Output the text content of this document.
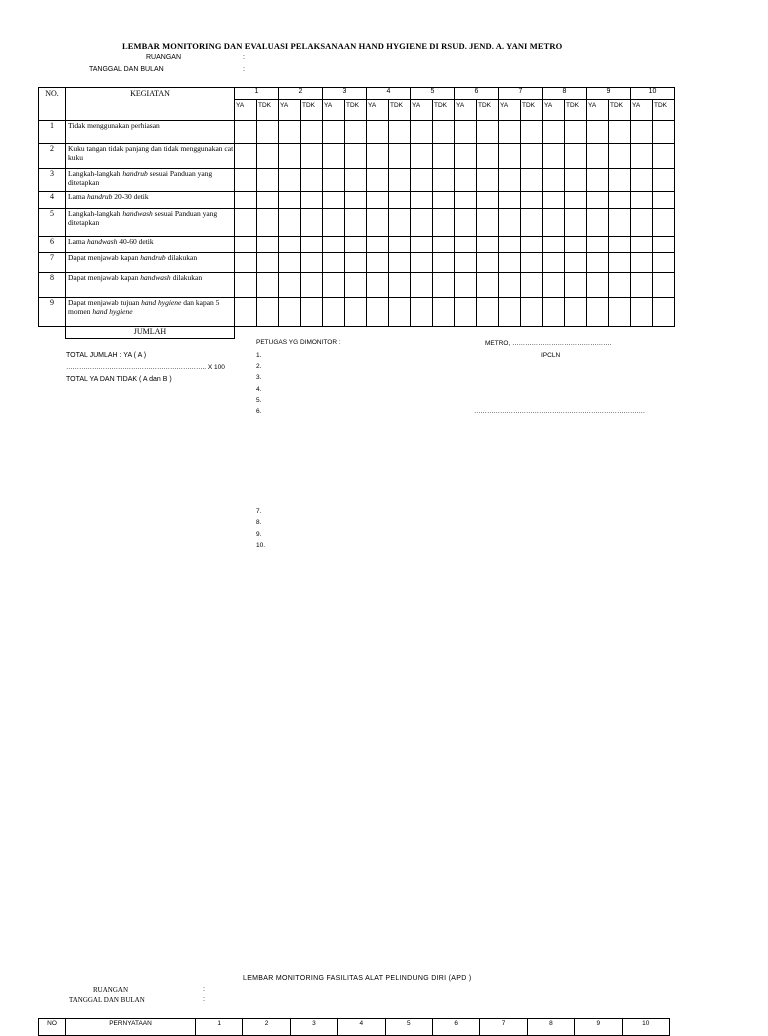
LEMBAR MONITORING DAN EVALUASI PELAKSANAAN HAND HYGIENE DI RSUD. JEND. A. YANI METRO
RUANGAN	:
TANGGAL DAN BULAN	:
NO.	KEGIATAN	1		2		3		4		5		6		7		8		9		10	
		YA	TDK	YA	TDK	YA	TDK	YA	TDK	YA	TDK	YA	TDK	YA	TDK	YA	TDK	YA	TDK	YA	TDK
1	Tidak menggunakan perhiasan																				
2	Kuku tangan tidak panjang dan tidak menggunakan cat kuku																				
3	Langkah-langkah handrub sesuai Panduan yang ditetapkan																				
4	Lama handrub 20-30 detik																				
5	Langkah-langkah handwash sesuai Panduan yang ditetapkan																				
6	Lama handwash 40-60 detik																				
7	Dapat menjawab kapan handrub dilakukan																				
8	Dapat menjawab kapan handwash dilakukan																				
9	Dapat menjawab tujuan hand hygiene dan kapan 5 momen hand hygiene																				
	JUMLAH																				
TOTAL JUMLAH : YA ( A )
……………………………………………………….. X 100
TOTAL YA DAN TIDAK ( A dan B )
PETUGAS YG DIMONITOR :	METRO, ……………………………………….
IPCLN
…………………………………………………………………….
1.
2.
3.
4.
5.
6.
7.
8.
9.
10.
LEMBAR MONITORING FASILITAS ALAT PELINDUNG DIRI (APD )
RUANGAN	:
TANGGAL DAN BULAN	:
NO	PERNYATAAN	1	2	3	4	5	6	7	8	9	10
